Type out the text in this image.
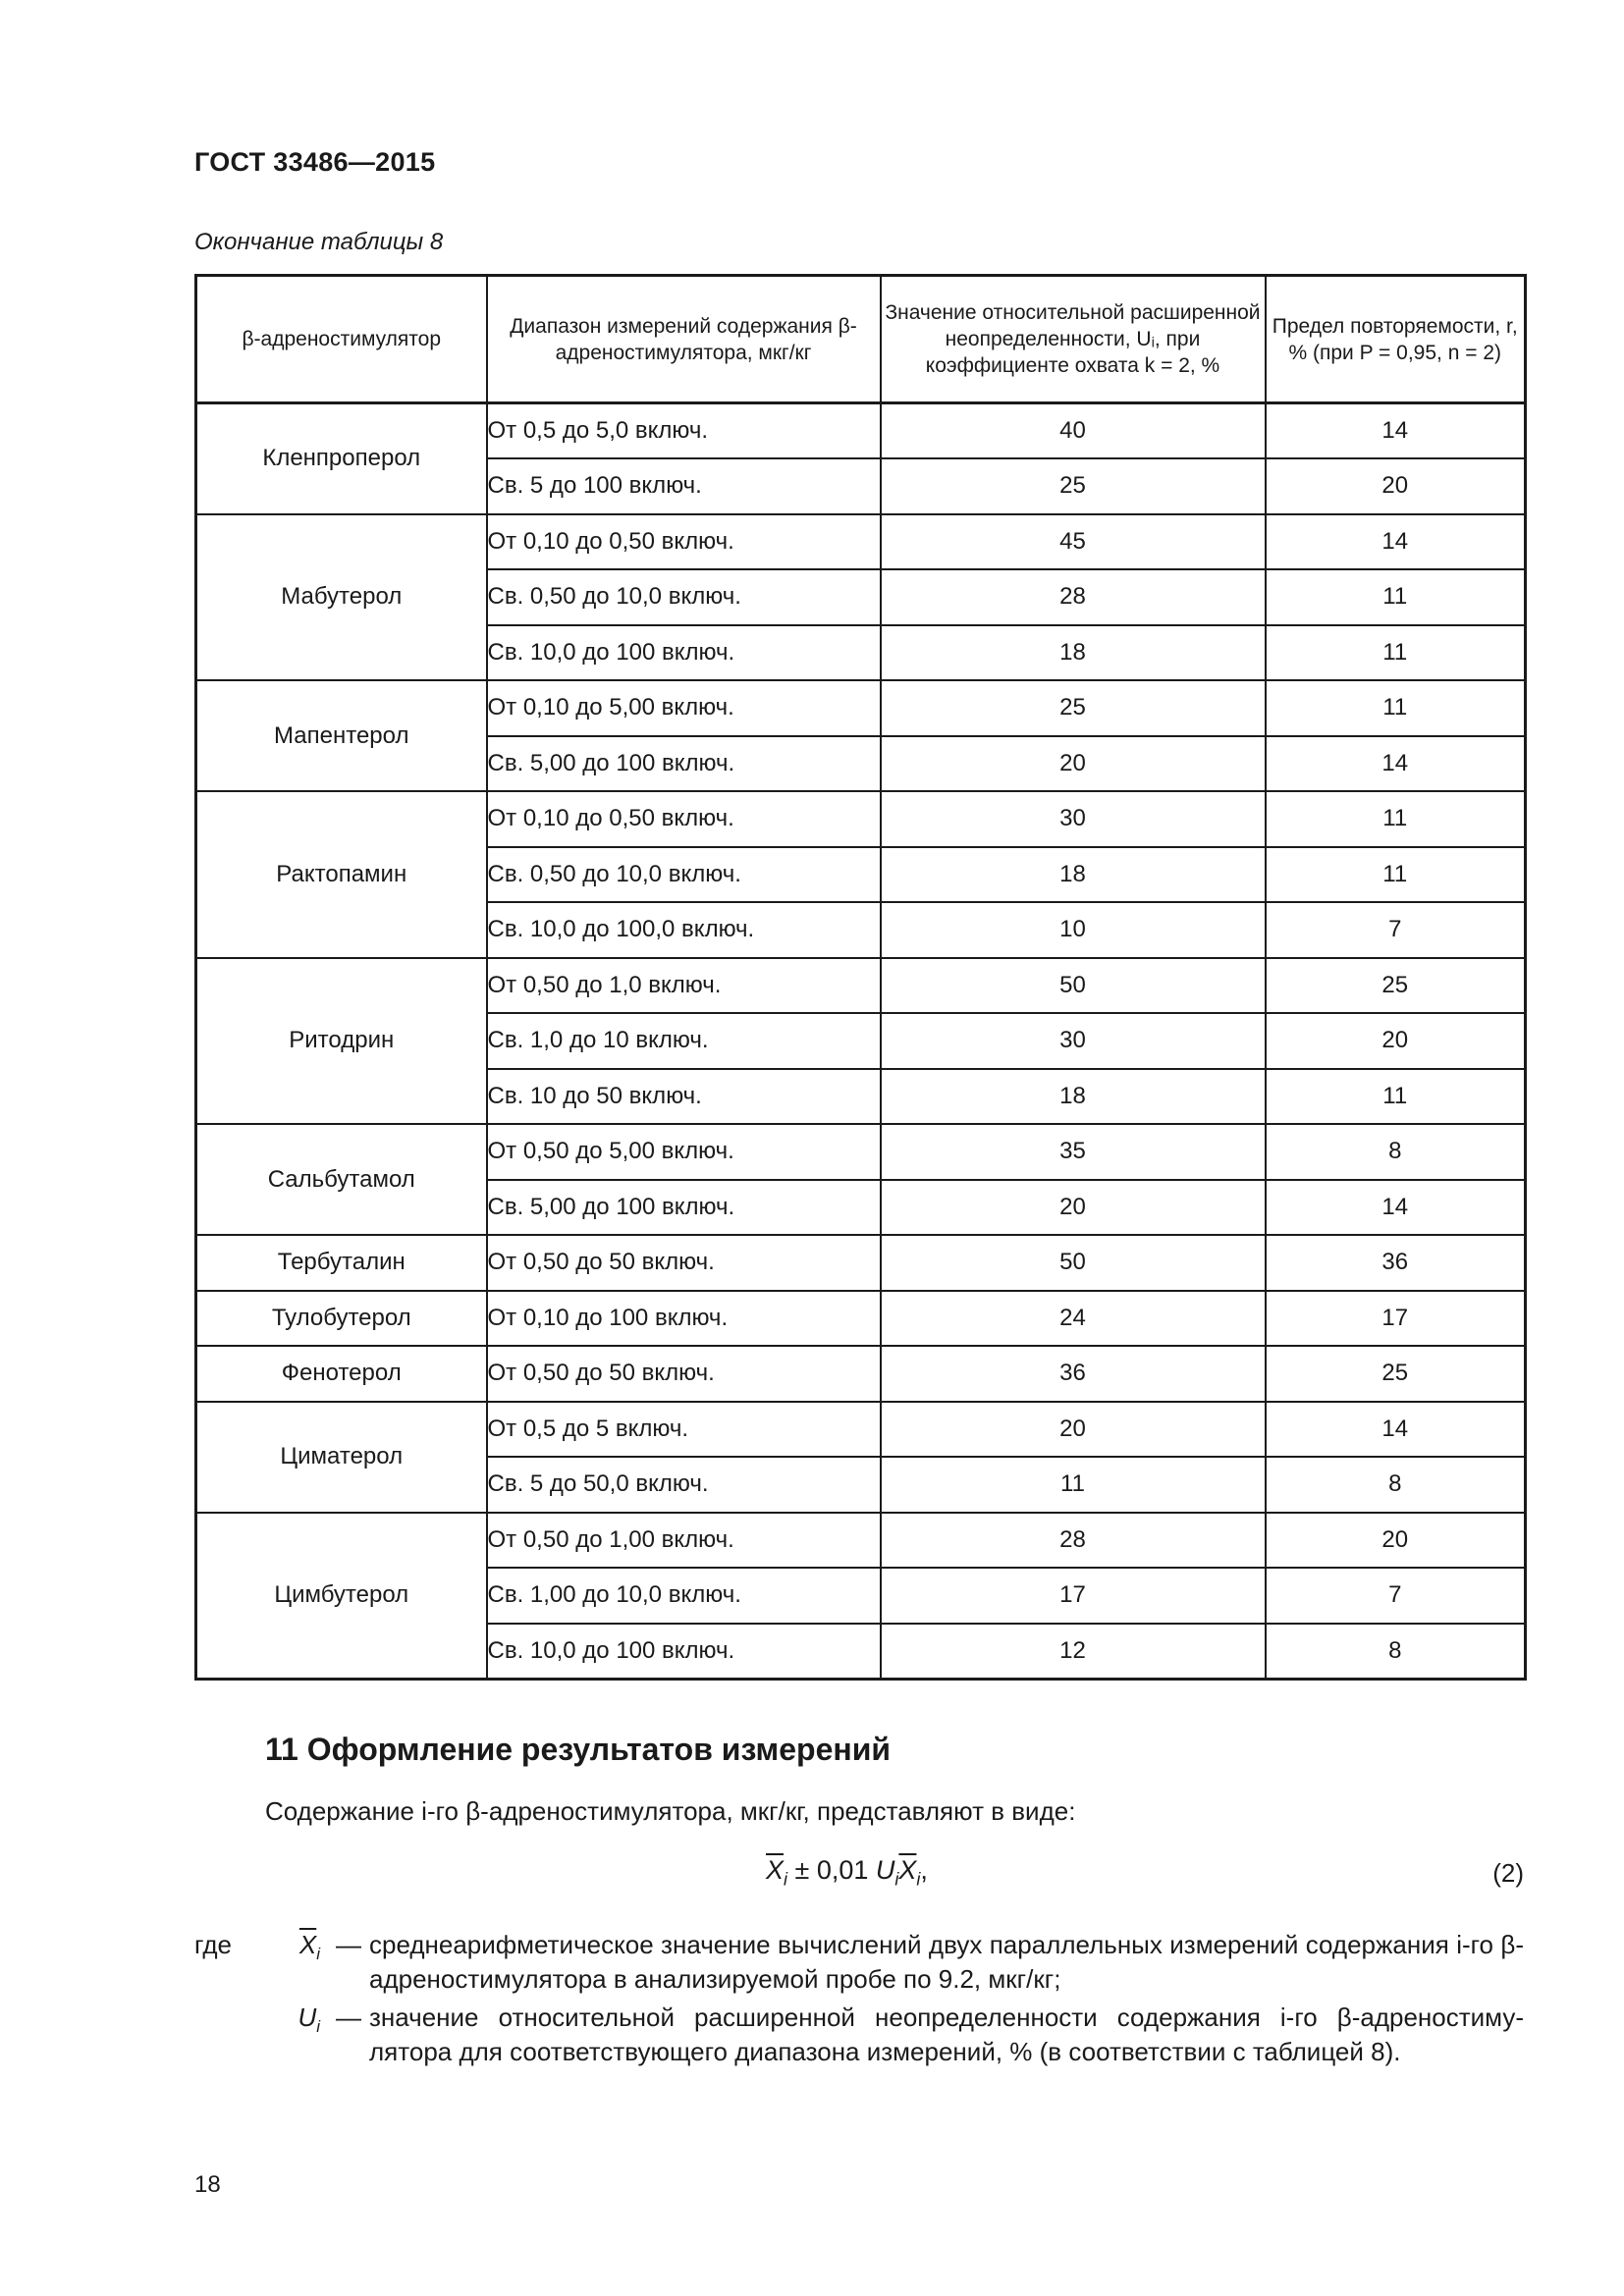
ГОСТ 33486—2015
Окончание таблицы 8
β-адреностимулятор	Диапазон измерений содержания β-адреностимулятора, мкг/кг	Значение относительной расширенной неопределенности, Uᵢ, при коэффициенте охвата k = 2, %	Предел повторяемости, r, % (при P = 0,95, n = 2)
Кленпроперол	От 0,5 до 5,0 включ.	40	14
	Св. 5 до 100 включ.	25	20
Мабутерол	От 0,10 до 0,50 включ.	45	14
	Св. 0,50 до 10,0 включ.	28	11
	Св. 10,0 до 100 включ.	18	11
Мапентерол	От 0,10 до 5,00 включ.	25	11
	Св. 5,00 до 100 включ.	20	14
Рактопамин	От 0,10 до 0,50 включ.	30	11
	Св. 0,50 до 10,0 включ.	18	11
	Св. 10,0 до 100,0 включ.	10	7
Ритодрин	От 0,50 до 1,0 включ.	50	25
	Св. 1,0 до 10 включ.	30	20
	Св. 10 до 50 включ.	18	11
Сальбутамол	От 0,50 до 5,00 включ.	35	8
	Св. 5,00 до 100 включ.	20	14
Тербуталин	От 0,50 до 50 включ.	50	36
Тулобутерол	От 0,10 до 100 включ.	24	17
Фенотерол	От 0,50 до 50 включ.	36	25
Циматерол	От 0,5 до 5 включ.	20	14
	Св. 5 до 50,0 включ.	11	8
Цимбутерол	От 0,50 до 1,00 включ.	28	20
	Св. 1,00 до 10,0 включ.	17	7
	Св. 10,0 до 100 включ.	12	8
11 Оформление результатов измерений
Содержание i-го β-адреностимулятора, мкг/кг, представляют в виде:
$\overline{X}_i \pm 0,01$ $U_i\overline{X}_i$,	(2)
где	$\overline{X}_i$ — среднеарифметическое значение вычислений двух параллельных измерений содержания i-го β-адреностимулятора в анализируемой пробе по 9.2, мкг/кг;
$U_i$ — значение относительной расширенной неопределенности содержания i-го β-адреностиму-лятора для соответствующего диапазона измерений, % (в соответствии с таблицей 8).
18
